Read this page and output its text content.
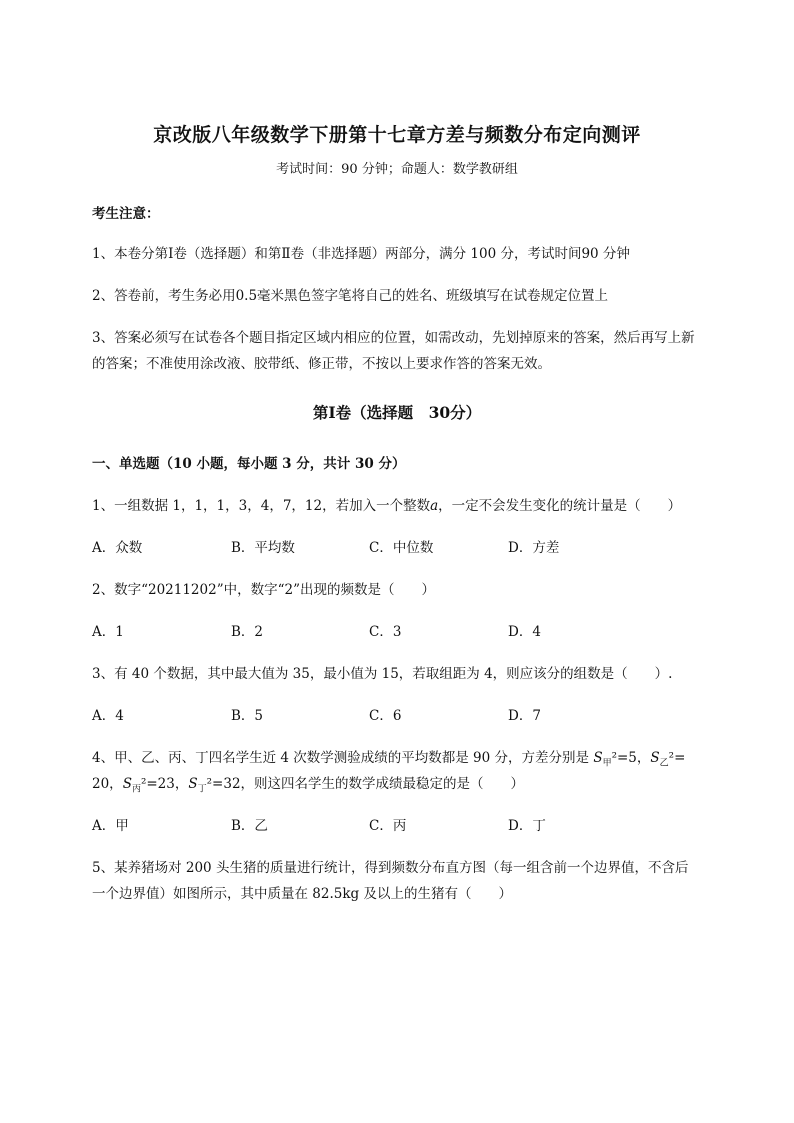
京改版八年级数学下册第十七章方差与频数分布定向测评
考试时间：90 分钟；命题人：数学教研组
考生注意：
1、本卷分第Ⅰ卷（选择题）和第Ⅱ卷（非选择题）两部分，满分 100 分，考试时间90 分钟
2、答卷前，考生务必用0.5毫米黑色签字笔将自己的姓名、班级填写在试卷规定位置上
3、答案必须写在试卷各个题目指定区域内相应的位置，如需改动，先划掉原来的答案，然后再写上新
的答案；不准使用涂改液、胶带纸、修正带，不按以上要求作答的答案无效。
第Ⅰ卷（选择题　30分）
一、单选题（10 小题，每小题 3 分，共计 30 分）
1、一组数据 1，1，1，3，4，7，12，若加入一个整数a，一定不会发生变化的统计量是（　　）
A．众数	B．平均数	C．中位数	D．方差
2、数字“20211202”中，数字“2”出现的频数是（　　）
A．1	B．2	C．3	D．4
3、有 40 个数据，其中最大值为 35，最小值为 15，若取组距为 4，则应该分的组数是（　　）.
A．4	B．5	C．6	D．7
4、甲、乙、丙、丁四名学生近 4 次数学测验成绩的平均数都是 90 分，方差分别是 $S_甲^2=5$，$S_乙^2=$
20，$S_丙^2=23$，$S_丁^2=32$，则这四名学生的数学成绩最稳定的是（　　）
A．甲	B．乙	C．丙	D．丁
5、某养猪场对 200 头生猪的质量进行统计，得到频数分布直方图（每一组含前一个边界值，不含后
一个边界值）如图所示，其中质量在 82.5kg 及以上的生猪有（　　）
